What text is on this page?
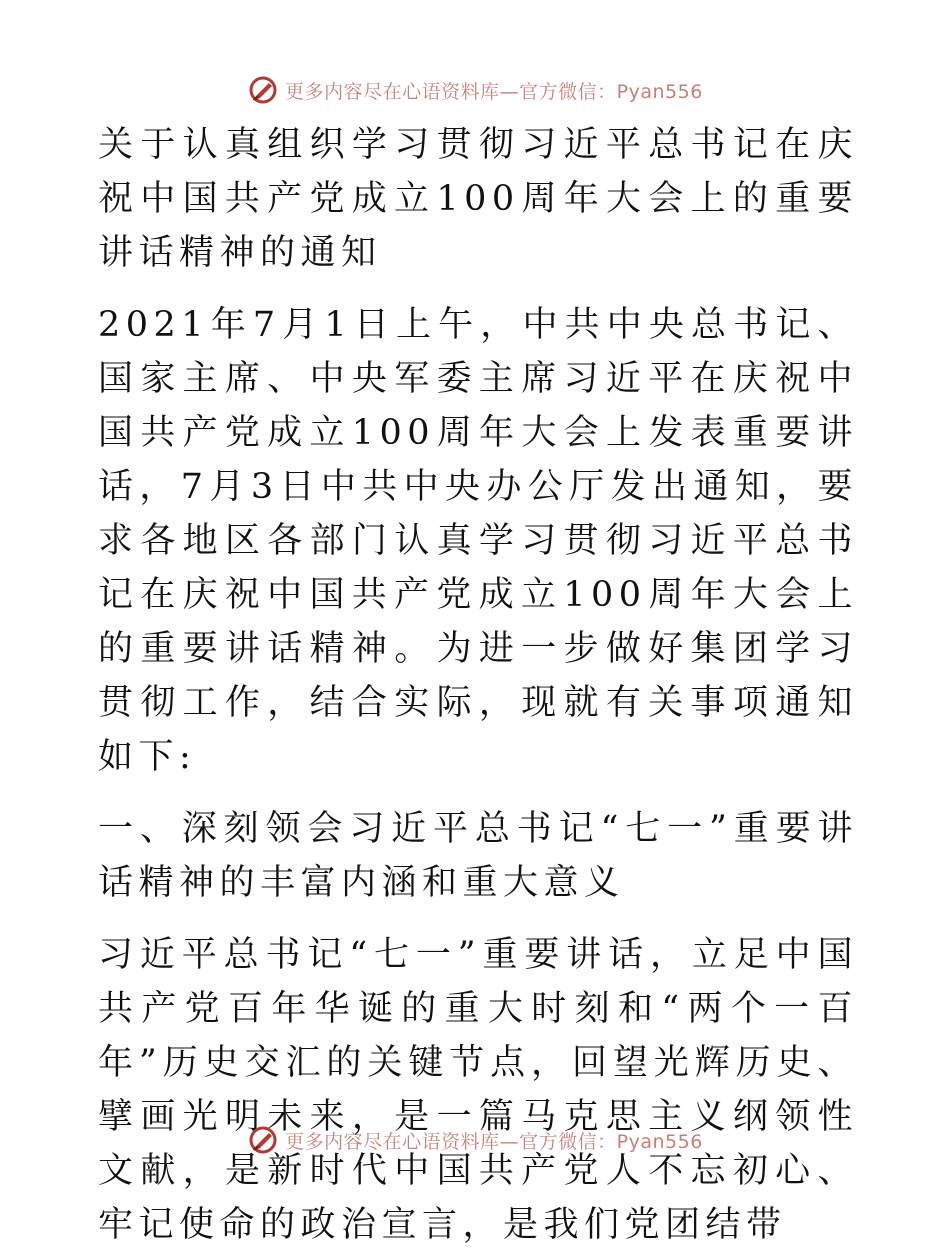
更多内容尽在心语资料库—官方微信：Pyan556

关于认真组织学习贯彻习近平总书记在庆祝中国共产党成立100周年大会上的重要讲话精神的通知

2021年7月1日上午，中共中央总书记、国家主席、中央军委主席习近平在庆祝中国共产党成立100周年大会上发表重要讲话，7月3日中共中央办公厅发出通知，要求各地区各部门认真学习贯彻习近平总书记在庆祝中国共产党成立100周年大会上的重要讲话精神。为进一步做好集团学习贯彻工作，结合实际，现就有关事项通知如下:

一、深刻领会习近平总书记“七一”重要讲话精神的丰富内涵和重大意义

习近平总书记“七一”重要讲话，立足中国共产党百年华诞的重大时刻和“两个一百年”历史交汇的关键节点，回望光辉历史、擘画光明未来，是一篇马克思主义纲领性文献，是新时代中国共产党人不忘初心、牢记使命的政治宣言，是我们党团结带

更多内容尽在心语资料库—官方微信：Pyan556
